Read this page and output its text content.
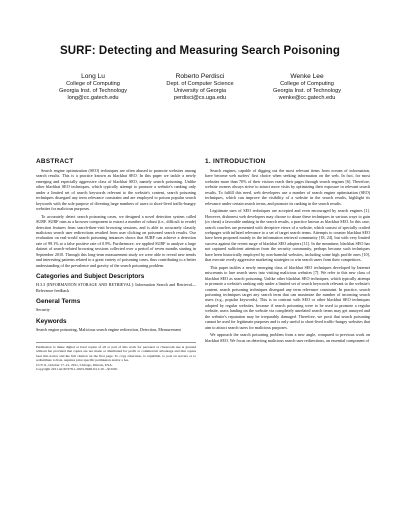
SURF: Detecting and Measuring Search Poisoning
Long Lu
College of Computing
Georgia Inst. of Technology
long@cc.gatech.edu
Roberto Perdisci
Dept. of Computer Science
University of Georgia
perdisci@cs.uga.edu
Wenke Lee
College of Computing
Georgia Inst. of Technology
wenke@cc.gatech.edu
ABSTRACT

Search engine optimization (SEO) techniques are often abused to promote websites among search results. This is a practice known as blackhat SEO. In this paper we tackle a newly emerging and especially aggressive class of blackhat SEO, namely search poisoning. Unlike other blackhat SEO techniques, which typically attempt to promote a website's ranking only under a limited set of search keywords relevant to the website's content, search poisoning techniques disregard any term relevance constraint and are employed to poison popular search keywords with the sole purpose of diverting large numbers of users to short-lived traffic-hungry websites for malicious purposes.

To accurately detect search poisoning cases, we designed a novel detection system called SURF. SURF runs as a browser component to extract a number of robust (i.e., difficult to evade) detection features from search-then-visit browsing sessions, and is able to accurately classify malicious search user redirections resulted from user clicking on poisoned search results. Our evaluation on real-world search poisoning instances shows that SURF can achieve a detection rate of 99.1% at a false positive rate of 0.9%. Furthermore, we applied SURF to analyze a large dataset of search-related browsing sessions collected over a period of seven months starting in September 2010. Through this long-term measurement study we were able to reveal new trends and interesting patterns related to a great variety of poisoning cases, thus contributing to a better understanding of the prevalence and gravity of the search poisoning problem.

Categories and Subject Descriptors
H.3.3 [INFORMATION STORAGE AND RETRIEVAL]: Information Search and Retrieval—Relevance feedback
General Terms
Security
Keywords
Search engine poisoning, Malicious search engine redirection, Detection, Measurement

Permission to make digital or hard copies of all or part of this work for personal or classroom use is granted without fee provided that copies are not made or distributed for profit or commercial advantage and that copies bear this notice and the full citation on the first page. To copy otherwise, to republish, to post on servers or to redistribute to lists, requires prior specific permission and/or a fee.

CCS'11, October 17–21, 2011, Chicago, Illinois, USA.

Copyright 2011 ACM 978-1-4503-0948-6/11/10 ...$10.00.

1. INTRODUCTION

Search engines, capable of digging out the most relevant items from oceans of information, have become web surfers' first choice when seeking information on the web. In fact, for most websites more than 70% of their visitors reach their pages through search engines [6]. Therefore, website owners always strive to attract more visits by optimizing their exposure in relevant search results. To fulfill this need, web developers use a number of search engine optimization (SEO) techniques, which can improve the visibility of a website in the search results, highlight its relevance under certain search terms, and promote its ranking in the search results.

Legitimate uses of SEO techniques are accepted and even encouraged by search engines [1]. However, dishonest web developers may choose to abuse these techniques in various ways to gain (or cheat) a favorable ranking in the search results, a practice known as blackhat SEO. In this case, search crawlers are presented with deceptive views of a website, which consist of specially crafted webpages with inflated relevance to a set of target search terms. Attempts to counter blackhat SEO have been proposed mainly in the information retrieval community [18, 24], but with very limited success against the recent surge of blackhat SEO adopters [11]. In the meantime, blackhat SEO has not captured sufficient attention from the security community, perhaps because such techniques have been historically employed by non-harmful websites, including some high profile ones [10], that execute overly aggressive marketing strategies to win search users from their competitors.

This paper tackles a newly emerging class of blackhat SEO techniques developed by Internet miscreants to lure search users into visiting malicious websites [7]. We refer to this new class of blackhat SEO as search poisoning. Unlike other blackhat SEO techniques, which typically attempt to promote a website's ranking only under a limited set of search keywords relevant to the website's content, search poisoning techniques disregard any term relevance constraint. In practice, search poisoning techniques target any search term that can maximize the number of incoming search users (e.g., popular keywords). This is in contrast with SEO or other blackhat SEO techniques adopted by regular websites, because if search poisoning were to be used to promote a regular website, users landing on the website via completely unrelated search terms may get annoyed and the website's reputation may be irreparably damaged. Therefore, we posit that search poisoning cannot be used for legitimate purposes and is only useful to short-lived traffic-hungry websites that aim to attract search users for malicious purposes.

We approach the search poisoning problem from a new angle, compared to previous work on blackhat SEO. We focus on detecting malicious search user redirections, an essential component of
